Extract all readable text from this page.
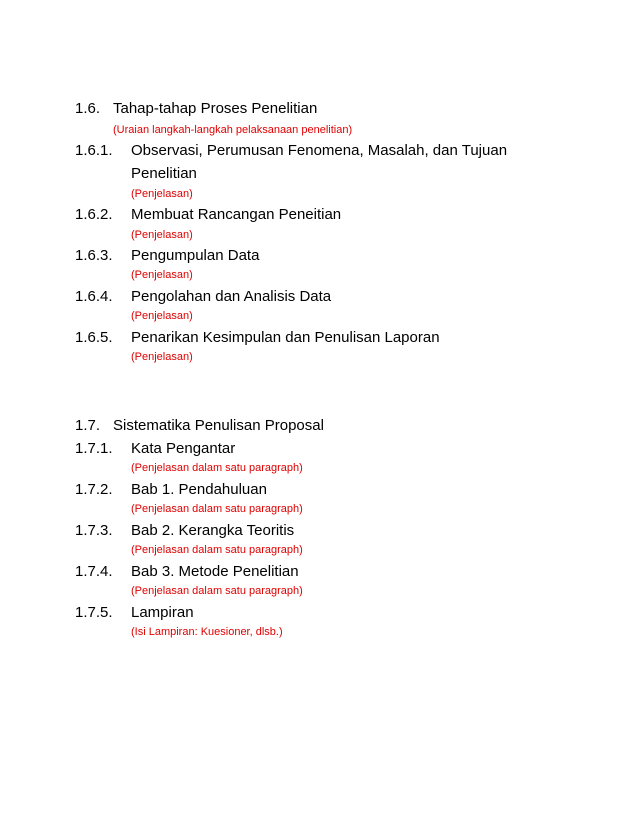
1.6. Tahap-tahap Proses Penelitian
(Uraian langkah-langkah pelaksanaan penelitian)
1.6.1. Observasi, Perumusan Fenomena, Masalah, dan Tujuan
Penelitian
(Penjelasan)
1.6.2. Membuat Rancangan Peneitian
(Penjelasan)
1.6.3. Pengumpulan Data
(Penjelasan)
1.6.4. Pengolahan dan Analisis Data
(Penjelasan)
1.6.5. Penarikan Kesimpulan dan Penulisan Laporan
(Penjelasan)
1.7. Sistematika Penulisan Proposal
1.7.1. Kata Pengantar
(Penjelasan dalam satu paragraph)
1.7.2. Bab 1. Pendahuluan
(Penjelasan dalam satu paragraph)
1.7.3. Bab 2. Kerangka Teoritis
(Penjelasan dalam satu paragraph)
1.7.4. Bab 3. Metode Penelitian
(Penjelasan dalam satu paragraph)
1.7.5. Lampiran
(Isi Lampiran: Kuesioner, dlsb.)
